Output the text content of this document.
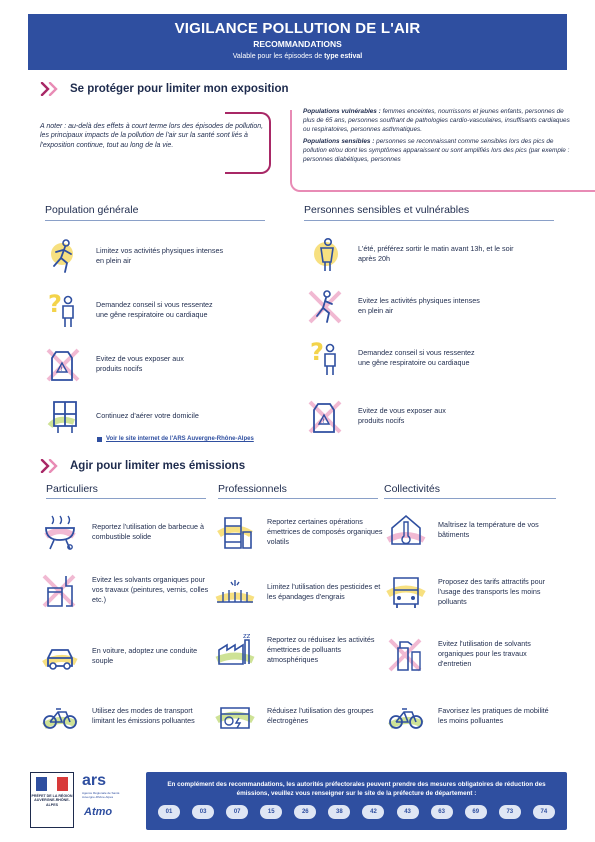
VIGILANCE POLLUTION DE L'AIR
RECOMMANDATIONS
Valable pour les épisodes de type estival
Se protéger pour limiter mon exposition
A noter : au-delà des effets à court terme lors des épisodes de pollution, les principaux impacts de la pollution de l'air sur la santé sont liés à l'exposition continue, tout au long de la vie.

Populations vulnérables : femmes enceintes, nourrissons et jeunes enfants, personnes de plus de 65 ans, personnes souffrant de pathologies cardio-vasculaires, insuffisants cardiaques ou respiratoires, personnes asthmatiques.

Populations sensibles : personnes se reconnaissant comme sensibles lors des pics de pollution et/ou dont les symptômes apparaissent ou sont amplifiés lors des pics (par exemple : personnes diabétiques, personnes

Population générale
Limitez vos activités physiques intenses en plein air
?	Demandez conseil si vous ressentez une gêne respiratoire ou cardiaque
!
Evitez de vous exposer aux produits nocifs
Continuez d'aérer votre domicile
Voir le site internet de l'ARS Auvergne-Rhône-Alpes
Personnes sensibles et vulnérables
L'été, préférez sortir le matin avant 13h, et le soir après 20h
Evitez les activités physiques intenses en plein air
?	Demandez conseil si vous ressentez une gêne respiratoire ou cardiaque
!
Evitez de vous exposer aux produits nocifs
Agir pour limiter mes émissions
Particuliers
Reportez l'utilisation de barbecue à combustible solide
Evitez les solvants organiques pour vos travaux (peintures, vernis, colles etc.)
En voiture, adoptez une conduite souple
Utilisez des modes de transport limitant les émissions polluantes
Professionnels
Reportez certaines opérations émettrices de composés organiques volatils
Limitez l'utilisation des pesticides et les épandages d'engrais
zz Reportez ou réduisez les activités émettrices de polluants atmosphériques
Réduisez l'utilisation des groupes électrogènes
Collectivités
Maîtrisez la température de vos bâtiments
Proposez des tarifs attractifs pour l'usage des transports les moins polluants
Evitez l'utilisation de solvants organiques pour les travaux d'entretien
Favorisez les pratiques de mobilité les moins polluantes
PRÉFET DE LA RÉGION AUVERGNE-RHÔNE-ALPES
ars
Agence Régionale de Santé Auvergne-Rhône-Alpes
Atmo
En complément des recommandations, les autorités préfectorales peuvent prendre des mesures obligatoires de réduction des émissions, veuillez vous renseigner sur le site de la préfecture de département :
01	03	07	15	26	38	42	43	63	69	73	74
